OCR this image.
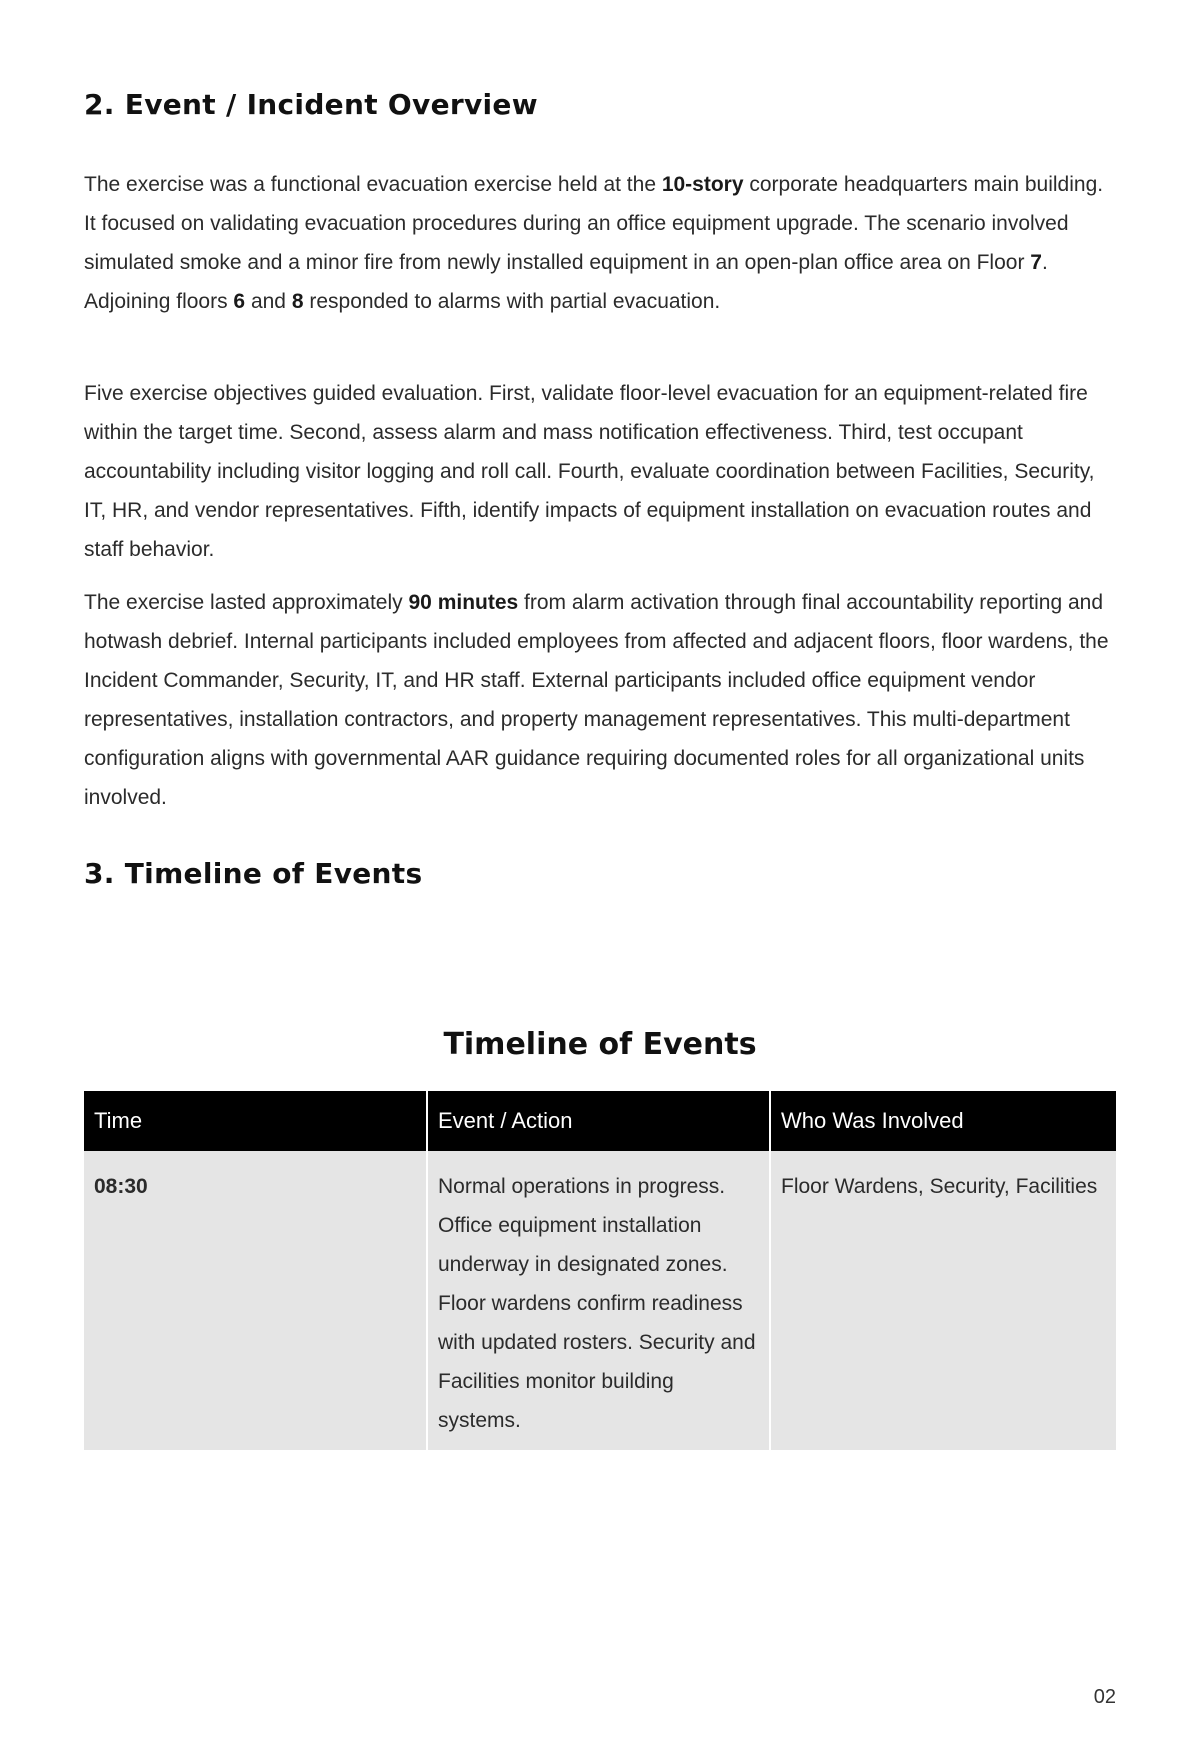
2. Event / Incident Overview

The exercise was a functional evacuation exercise held at the 10-story corporate headquarters main building. It focused on validating evacuation procedures during an office equipment upgrade. The scenario involved simulated smoke and a minor fire from newly installed equipment in an open-plan office area on Floor 7. Adjoining floors 6 and 8 responded to alarms with partial evacuation.

Five exercise objectives guided evaluation. First, validate floor-level evacuation for an equipment-related fire within the target time. Second, assess alarm and mass notification effectiveness. Third, test occupant accountability including visitor logging and roll call. Fourth, evaluate coordination between Facilities, Security, IT, HR, and vendor representatives. Fifth, identify impacts of equipment installation on evacuation routes and staff behavior.

The exercise lasted approximately 90 minutes from alarm activation through final accountability reporting and hotwash debrief. Internal participants included employees from affected and adjacent floors, floor wardens, the Incident Commander, Security, IT, and HR staff. External participants included office equipment vendor representatives, installation contractors, and property management representatives. This multi-department configuration aligns with governmental AAR guidance requiring documented roles for all organizational units involved.

3. Timeline of Events
Timeline of Events
Time	Event / Action	Who Was Involved
08:30	Normal operations in progress. Office equipment installation underway in designated zones. Floor wardens confirm readiness with updated rosters. Security and Facilities monitor building systems.	Floor Wardens, Security, Facilities
02
